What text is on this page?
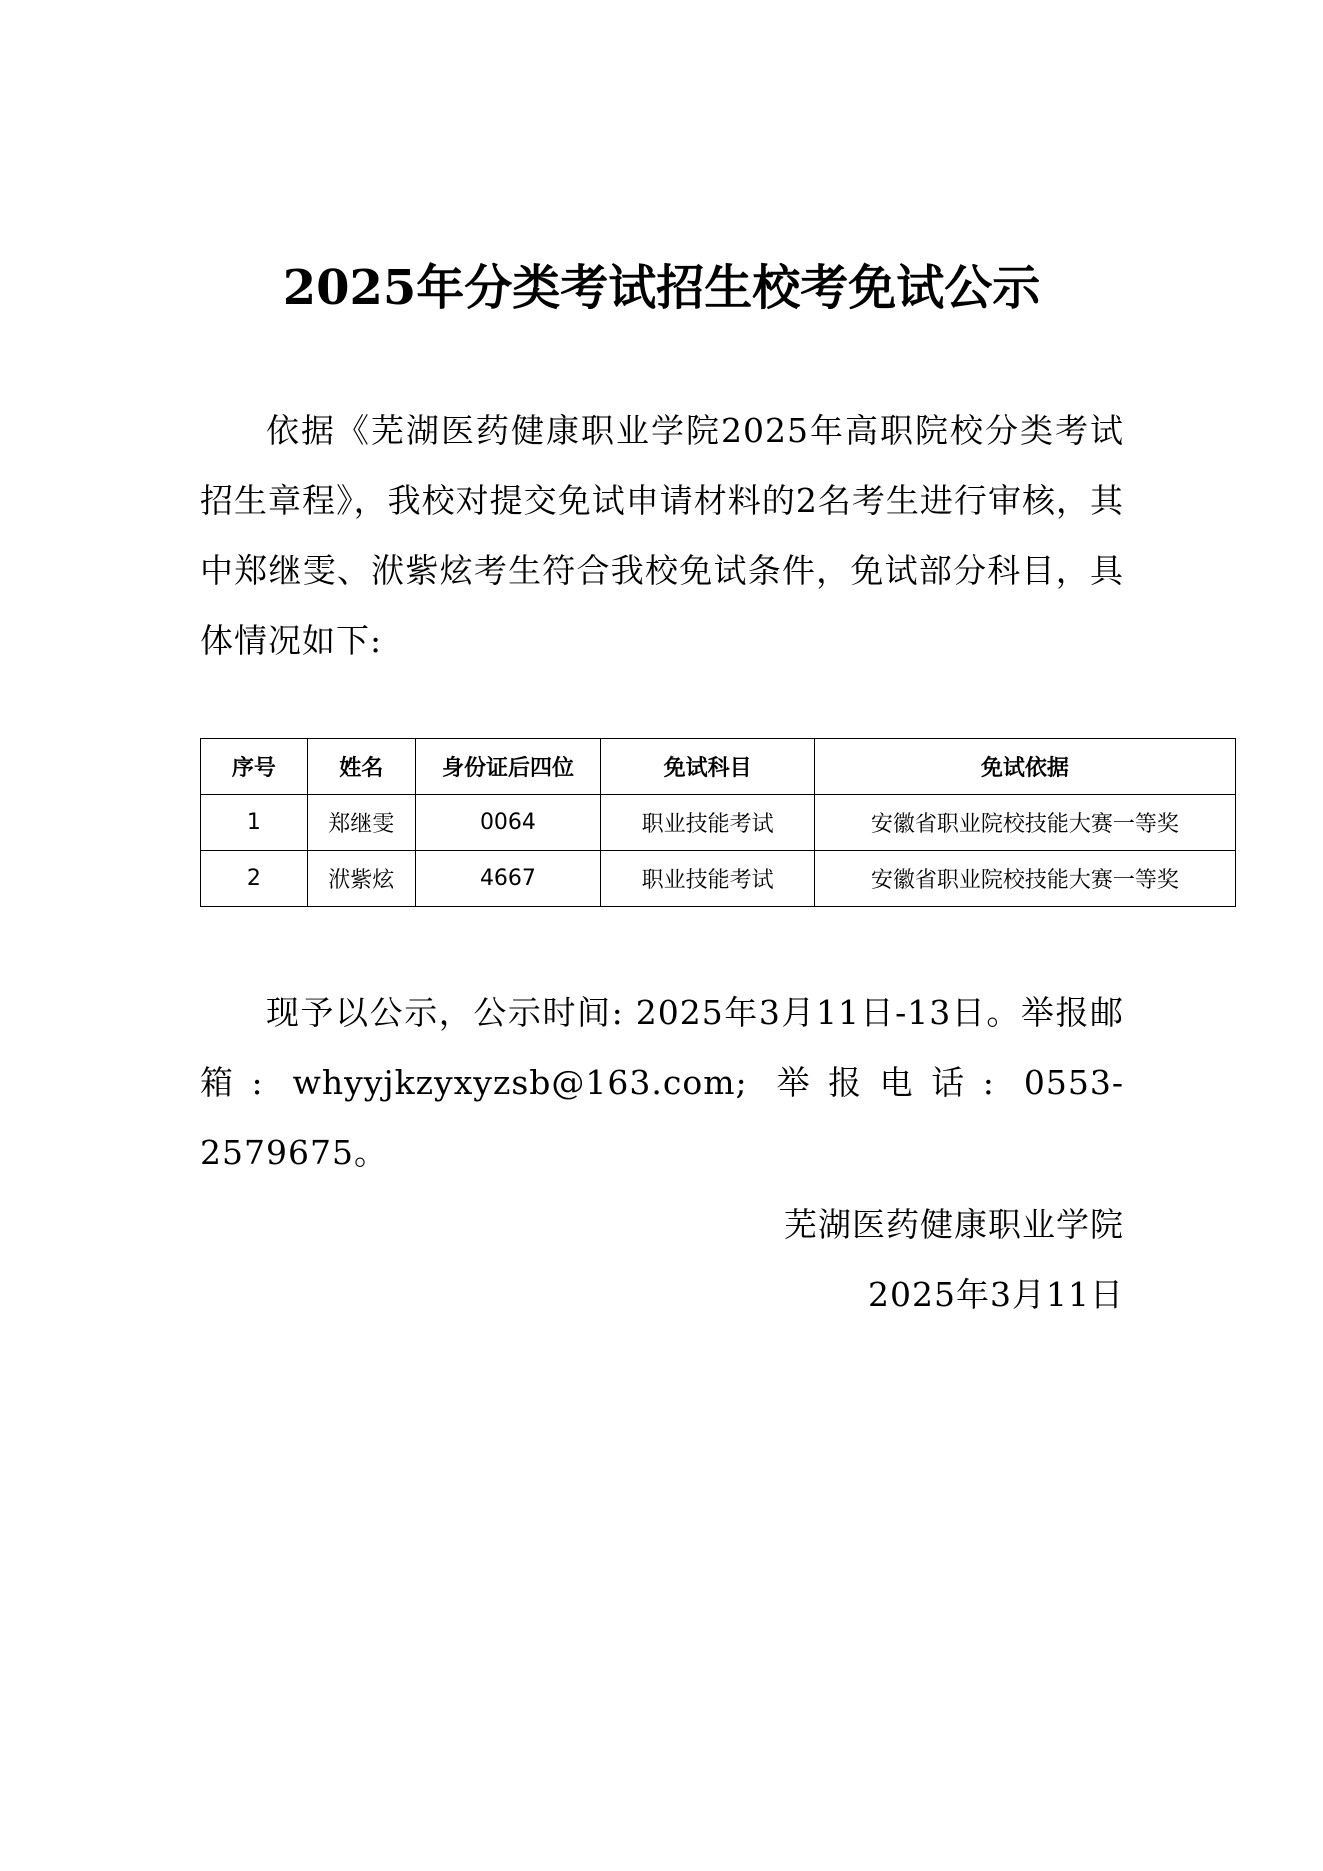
2025年分类考试招生校考免试公示

依据《芜湖医药健康职业学院2025年高职院校分类考试招生章程》，我校对提交免试申请材料的2名考生进行审核，其中郑继雯、洑紫炫考生符合我校免试条件，免试部分科目，具体情况如下:

序号	姓名	身份证后四位	免试科目	免试依据
1	郑继雯	0064	职业技能考试	安徽省职业院校技能大赛一等奖
2	洑紫炫	4667	职业技能考试	安徽省职业院校技能大赛一等奖

现予以公示，公示时间: 2025年3月11日-13日。举报邮箱: whyyjkzyxyzsb@163.com; 举报电话: 0553-2579675。

芜湖医药健康职业学院

2025年3月11日
